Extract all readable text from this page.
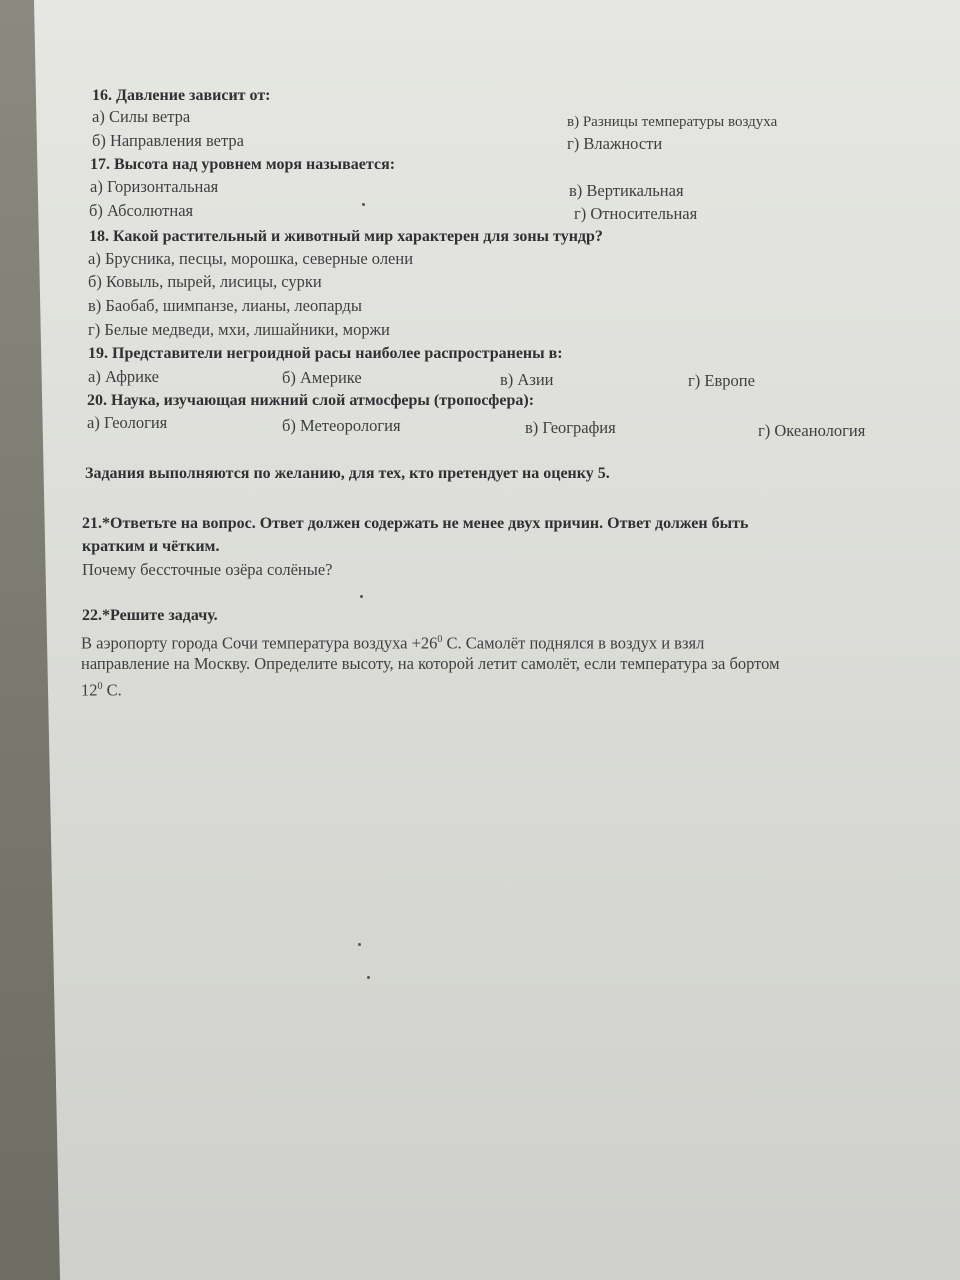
16. Давление зависит от:
а) Силы ветра	в) Разницы температуры воздуха
б) Направления ветра	г) Влажности
17. Высота над уровнем моря называется:
а) Горизонтальная	в) Вертикальная
б) Абсолютная	г) Относительная
18. Какой растительный и животный мир характерен для зоны тундр?
а) Брусника, песцы, морошка, северные олени
б) Ковыль, пырей, лисицы, сурки
в) Баобаб, шимпанзе, лианы, леопарды
г) Белые медведи, мхи, лишайники, моржи
19. Представители негроидной расы наиболее распространены в:
а) Африке	б) Америке	в) Азии	г) Европе
20. Наука, изучающая нижний слой атмосферы (тропосфера):
а) Геология	б) Метеорология	в) География	г) Океанология
Задания выполняются по желанию, для тех, кто претендует на оценку 5.
21.*Ответьте на вопрос. Ответ должен содержать не менее двух причин. Ответ должен быть
кратким и чётким.
Почему бессточные озёра солёные?
22.*Решите задачу.
В аэропорту города Сочи температура воздуха $+26^0$ С. Самолёт поднялся в воздух и взял
направление на Москву. Определите высоту, на которой летит самолёт, если температура за бортом
$12^0$ С.
